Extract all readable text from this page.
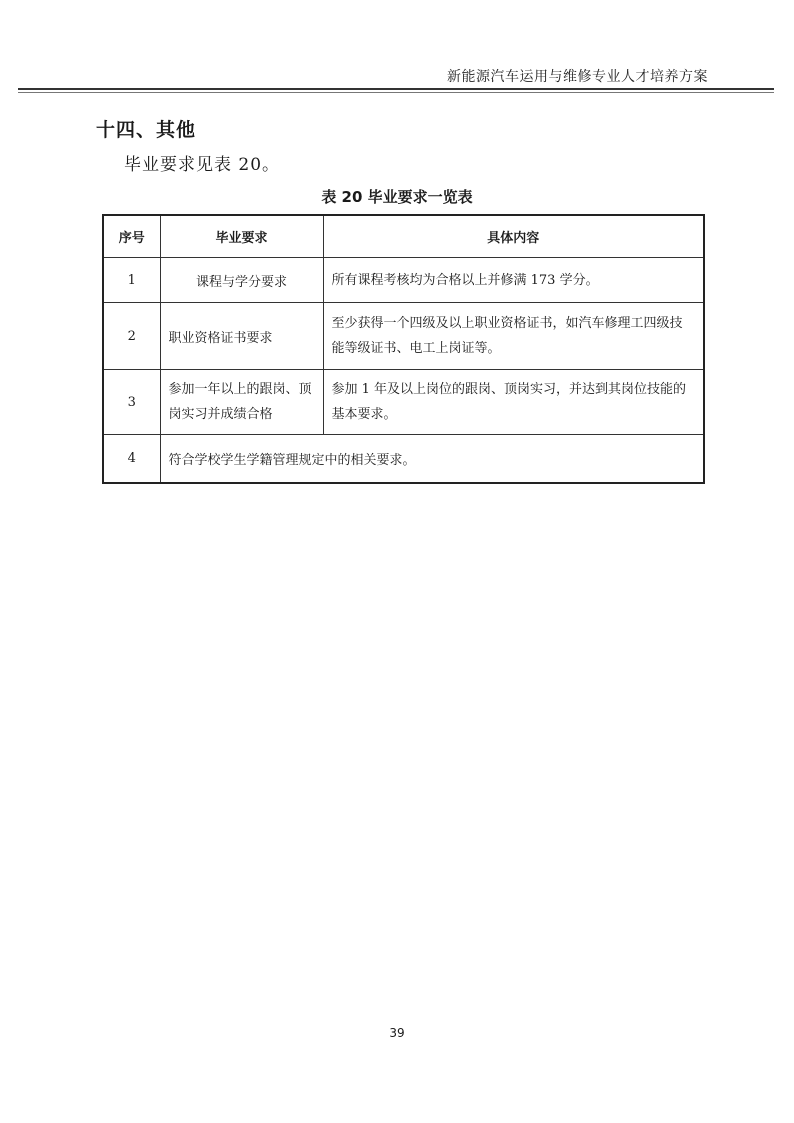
新能源汽车运用与维修专业人才培养方案
十四、其他
毕业要求见表 20。
表 20 毕业要求一览表
序号	毕业要求	具体内容
1	课程与学分要求	所有课程考核均为合格以上并修满 173 学分。
2	职业资格证书要求	至少获得一个四级及以上职业资格证书，如汽车修理工四级技能等级证书、电工上岗证等。
3	参加一年以上的跟岗、顶岗实习并成绩合格	参加 1 年及以上岗位的跟岗、顶岗实习，并达到其岗位技能的基本要求。
4	符合学校学生学籍管理规定中的相关要求。	
39
